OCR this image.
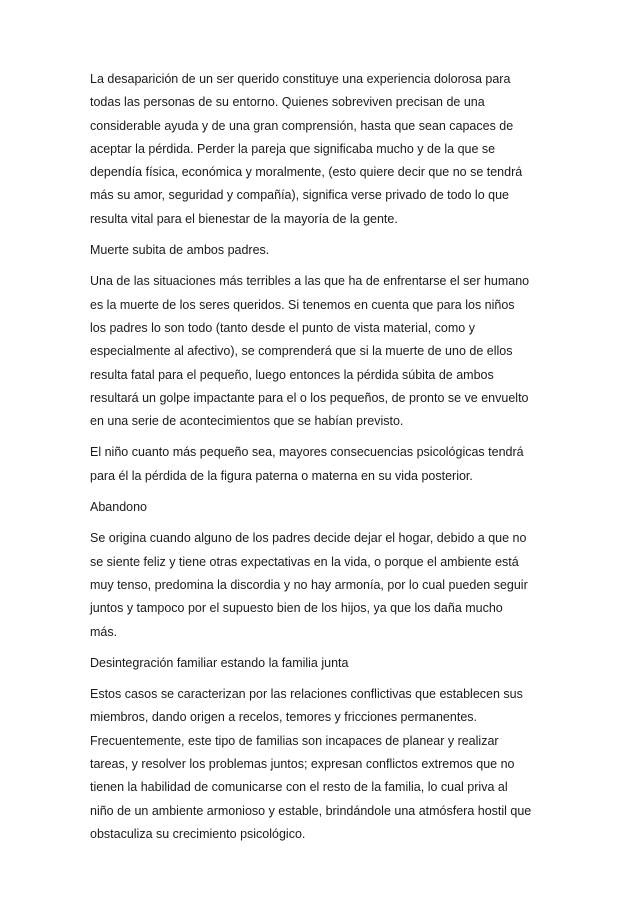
La desaparición de un ser querido constituye una experiencia dolorosa para
todas las personas de su entorno. Quienes sobreviven precisan de una
considerable ayuda y de una gran comprensión, hasta que sean capaces de
aceptar la pérdida. Perder la pareja que significaba mucho y de la que se
dependía física, económica y moralmente, (esto quiere decir que no se tendrá
más su amor, seguridad y compañía), significa verse privado de todo lo que
resulta vital para el bienestar de la mayoría de la gente.

Muerte subita de ambos padres.

Una de las situaciones más terribles a las que ha de enfrentarse el ser humano
es la muerte de los seres queridos. Si tenemos en cuenta que para los niños
los padres lo son todo (tanto desde el punto de vista material, como y
especialmente al afectivo), se comprenderá que si la muerte de uno de ellos
resulta fatal para el pequeño, luego entonces la pérdida súbita de ambos
resultará un golpe impactante para el o los pequeños, de pronto se ve envuelto
en una serie de acontecimientos que se habían previsto.

El niño cuanto más pequeño sea, mayores consecuencias psicológicas tendrá
para él la pérdida de la figura paterna o materna en su vida posterior.

Abandono

Se origina cuando alguno de los padres decide dejar el hogar, debido a que no
se siente feliz y tiene otras expectativas en la vida, o porque el ambiente está
muy tenso, predomina la discordia y no hay armonía, por lo cual pueden seguir
juntos y tampoco por el supuesto bien de los hijos, ya que los daña mucho
más.

Desintegración familiar estando la familia junta

Estos casos se caracterizan por las relaciones conflictivas que establecen sus
miembros, dando origen a recelos, temores y fricciones permanentes.
Frecuentemente, este tipo de familias son incapaces de planear y realizar
tareas, y resolver los problemas juntos; expresan conflictos extremos que no
tienen la habilidad de comunicarse con el resto de la familia, lo cual priva al
niño de un ambiente armonioso y estable, brindándole una atmósfera hostil que
obstaculiza su crecimiento psicológico.
